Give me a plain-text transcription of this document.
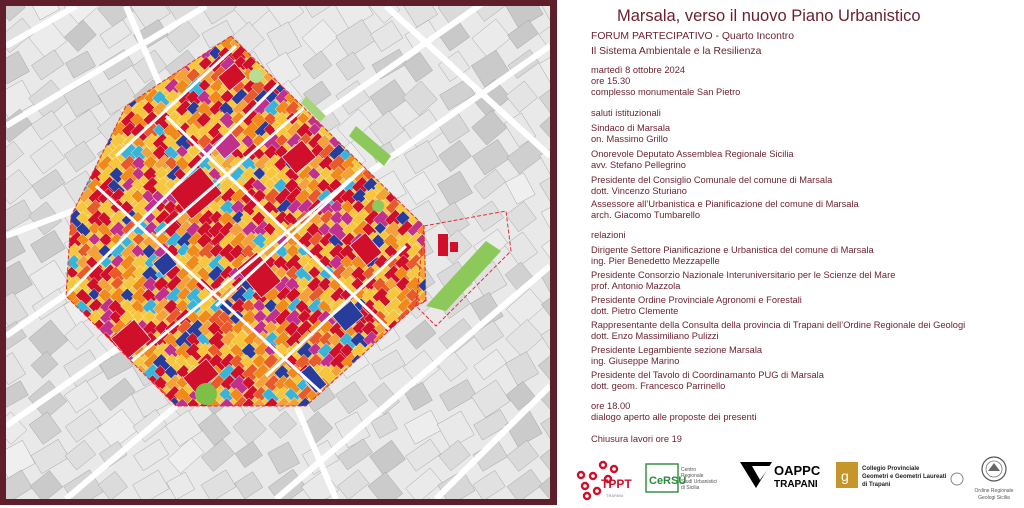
Marsala, verso il nuovo Piano Urbanistico
FORUM PARTECIPATIVO - Quarto Incontro
Il Sistema Ambientale e la Resilienza
martedì 8 ottobre 2024
ore 15.30
complesso monumentale San Pietro
saluti istituzionali
Sindaco di Marsala
on. Massimo Grillo
Onorevole Deputato Assemblea Regionale Sicilia
avv. Stefano Pellegrino
Presidente del Consiglio Comunale del comune di Marsala
dott. Vincenzo Sturiano
Assessore all’Urbanistica e Pianificazione del comune di Marsala
arch. Giacomo Tumbarello
relazioni
Dirigente Settore Pianificazione e Urbanistica del comune di Marsala
ing. Pier Benedetto Mezzapelle
Presidente Consorzio Nazionale Interuniversitario per le Scienze del Mare
prof. Antonio Mazzola
Presidente Ordine Provinciale Agronomi e Forestali
dott. Pietro Clemente
Rappresentante della Consulta della provincia di Trapani dell’Ordine Regionale dei Geologi
dott. Enzo Massimiliano Pulizzi
Presidente Legambiente sezione Marsala
ing. Giuseppe Marino
Presidente del Tavolo di Coordinamanto PUG di Marsala
dott. geom. Francesco Parrinello
ore 18.00
dialogo aperto alle proposte dei presenti
Chiusura lavori ore 19
TPPT
TRAPANI
CeRSU
Centro
Regionale
Studi Urbanistici
di Sicilia
OAPPC
TRAPANI
g Collegio Provinciale
Geometri e Geometri Laureati
di Trapani
Ordine Regionale
Geologi Sicilia
